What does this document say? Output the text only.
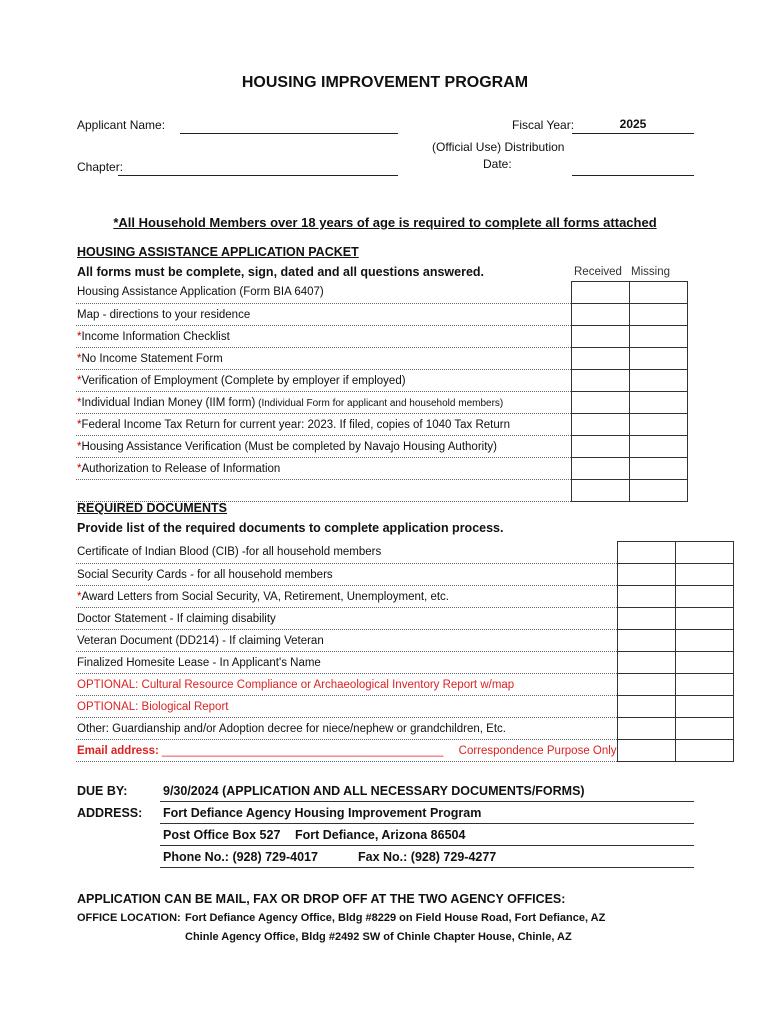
HOUSING IMPROVEMENT PROGRAM
Applicant Name:	Fiscal Year:	2025
(Official Use) Distribution
Date:
Chapter:
*All Household Members over 18 years of age is required to complete all forms attached
HOUSING ASSISTANCE APPLICATION PACKET
All forms must be complete, sign, dated and all questions answered.	Received Missing
Housing Assistance Application (Form BIA 6407)		
Map - directions to your residence		
*Income Information Checklist		
*No Income Statement Form		
*Verification of Employment (Complete by employer if employed)		
*Individual Indian Money (IIM form) (Individual Form for applicant and household members)		
*Federal Income Tax Return for current year: 2023. If filed, copies of 1040 Tax Return		
*Housing Assistance Verification (Must be completed by Navajo Housing Authority)		
*Authorization to Release of Information		

REQUIRED DOCUMENTS
Provide list of the required documents to complete application process.
Certificate of Indian Blood (CIB) -for all household members		
Social Security Cards - for all household members		
*Award Letters from Social Security, VA, Retirement, Unemployment, etc.		
Doctor Statement - If claiming disability		
Veteran Document (DD214) - If claiming Veteran		
Finalized Homesite Lease - In Applicant's Name		
OPTIONAL: Cultural Resource Compliance or Archaeological Inventory Report w/map		
OPTIONAL: Biological Report		
Other: Guardianship and/or Adoption decree for niece/nephew or grandchildren, Etc.		
Email address: ____________________________________________ Correspondence Purpose Only		
DUE BY:	9/30/2024 (APPLICATION AND ALL NECESSARY DOCUMENTS/FORMS)
ADDRESS: Fort Defiance Agency Housing Improvement Program
Post Office Box 527 Fort Defiance, Arizona 86504
Phone No.: (928) 729-4017	Fax No.: (928) 729-4277
APPLICATION CAN BE MAIL, FAX OR DROP OFF AT THE TWO AGENCY OFFICES:
OFFICE LOCATION: Fort Defiance Agency Office, Bldg #8229 on Field House Road, Fort Defiance, AZ
Chinle Agency Office, Bldg #2492 SW of Chinle Chapter House, Chinle, AZ
